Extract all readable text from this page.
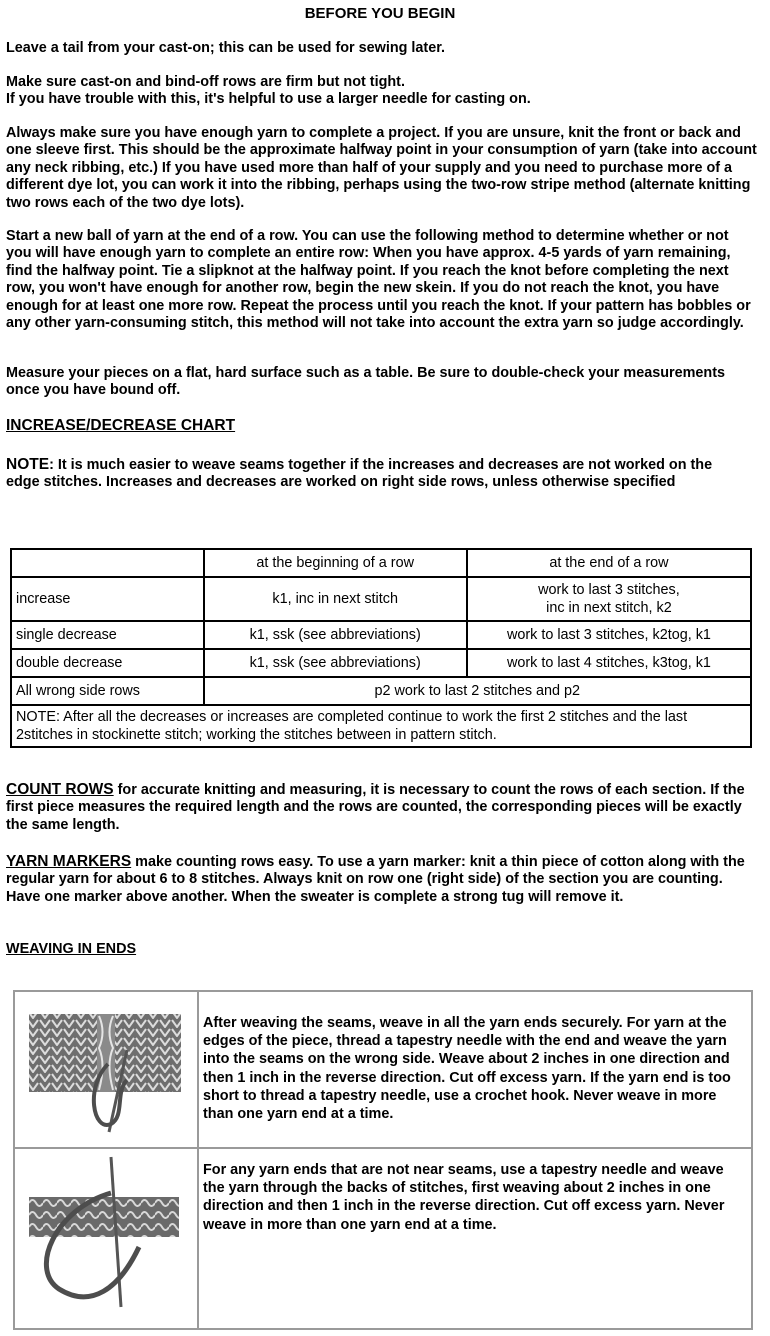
BEFORE YOU BEGIN

Leave a tail from your cast-on; this can be used for sewing later.

Make sure cast-on and bind-off rows are firm but not tight.
If you have trouble with this, it's helpful to use a larger needle for casting on.

Always make sure you have enough yarn to complete a project. If you are unsure, knit the front or back and one sleeve first. This should be the approximate halfway point in your consumption of yarn (take into account any neck ribbing, etc.) If you have used more than half of your supply and you need to purchase more of a different dye lot, you can work it into the ribbing, perhaps using the two-row stripe method (alternate knitting two rows each of the two dye lots).

Start a new ball of yarn at the end of a row. You can use the following method to determine whether or not you will have enough yarn to complete an entire row: When you have approx. 4-5 yards of yarn remaining, find the halfway point. Tie a slipknot at the halfway point. If you reach the knot before completing the next row, you won't have enough for another row, begin the new skein. If you do not reach the knot, you have enough for at least one more row. Repeat the process until you reach the knot. If your pattern has bobbles or any other yarn-consuming stitch, this method will not take into account the extra yarn so judge accordingly.

Measure your pieces on a flat, hard surface such as a table. Be sure to double-check your measurements once you have bound off.

INCREASE/DECREASE CHART

NOTE: It is much easier to weave seams together if the increases and decreases are not worked on the edge stitches. Increases and decreases are worked on right side rows, unless otherwise specified

	at the beginning of a row	at the end of a row
increase	k1, inc in next stitch	work to last 3 stitches,
inc in next stitch, k2
single decrease	k1, ssk (see abbreviations)	work to last 3 stitches, k2tog, k1
double decrease	k1, ssk (see abbreviations)	work to last 4 stitches, k3tog, k1
All wrong side rows	p2 work to last 2 stitches and p2	
NOTE: After all the decreases or increases are completed continue to work the first 2 stitches and the last 2stitches in stockinette stitch; working the stitches between in pattern stitch.		

COUNT ROWS for accurate knitting and measuring, it is necessary to count the rows of each section. If the first piece measures the required length and the rows are counted, the corresponding pieces will be exactly the same length.

YARN MARKERS make counting rows easy. To use a yarn marker: knit a thin piece of cotton along with the regular yarn for about 6 to 8 stitches. Always knit on row one (right side) of the section you are counting. Have one marker above another. When the sweater is complete a strong tug will remove it.

WEAVING IN ENDS
After weaving the seams, weave in all the yarn ends securely. For yarn at the edges of the piece, thread a tapestry needle with the end and weave the yarn into the seams on the wrong side. Weave about 2 inches in one direction and then 1 inch in the reverse direction. Cut off excess yarn. If the yarn end is too short to thread a tapestry needle, use a crochet hook. Never weave in more than one yarn end at a time.
For any yarn ends that are not near seams, use a tapestry needle and weave the yarn through the backs of stitches, first weaving about 2 inches in one direction and then 1 inch in the reverse direction. Cut off excess yarn. Never weave in more than one yarn end at a time.
